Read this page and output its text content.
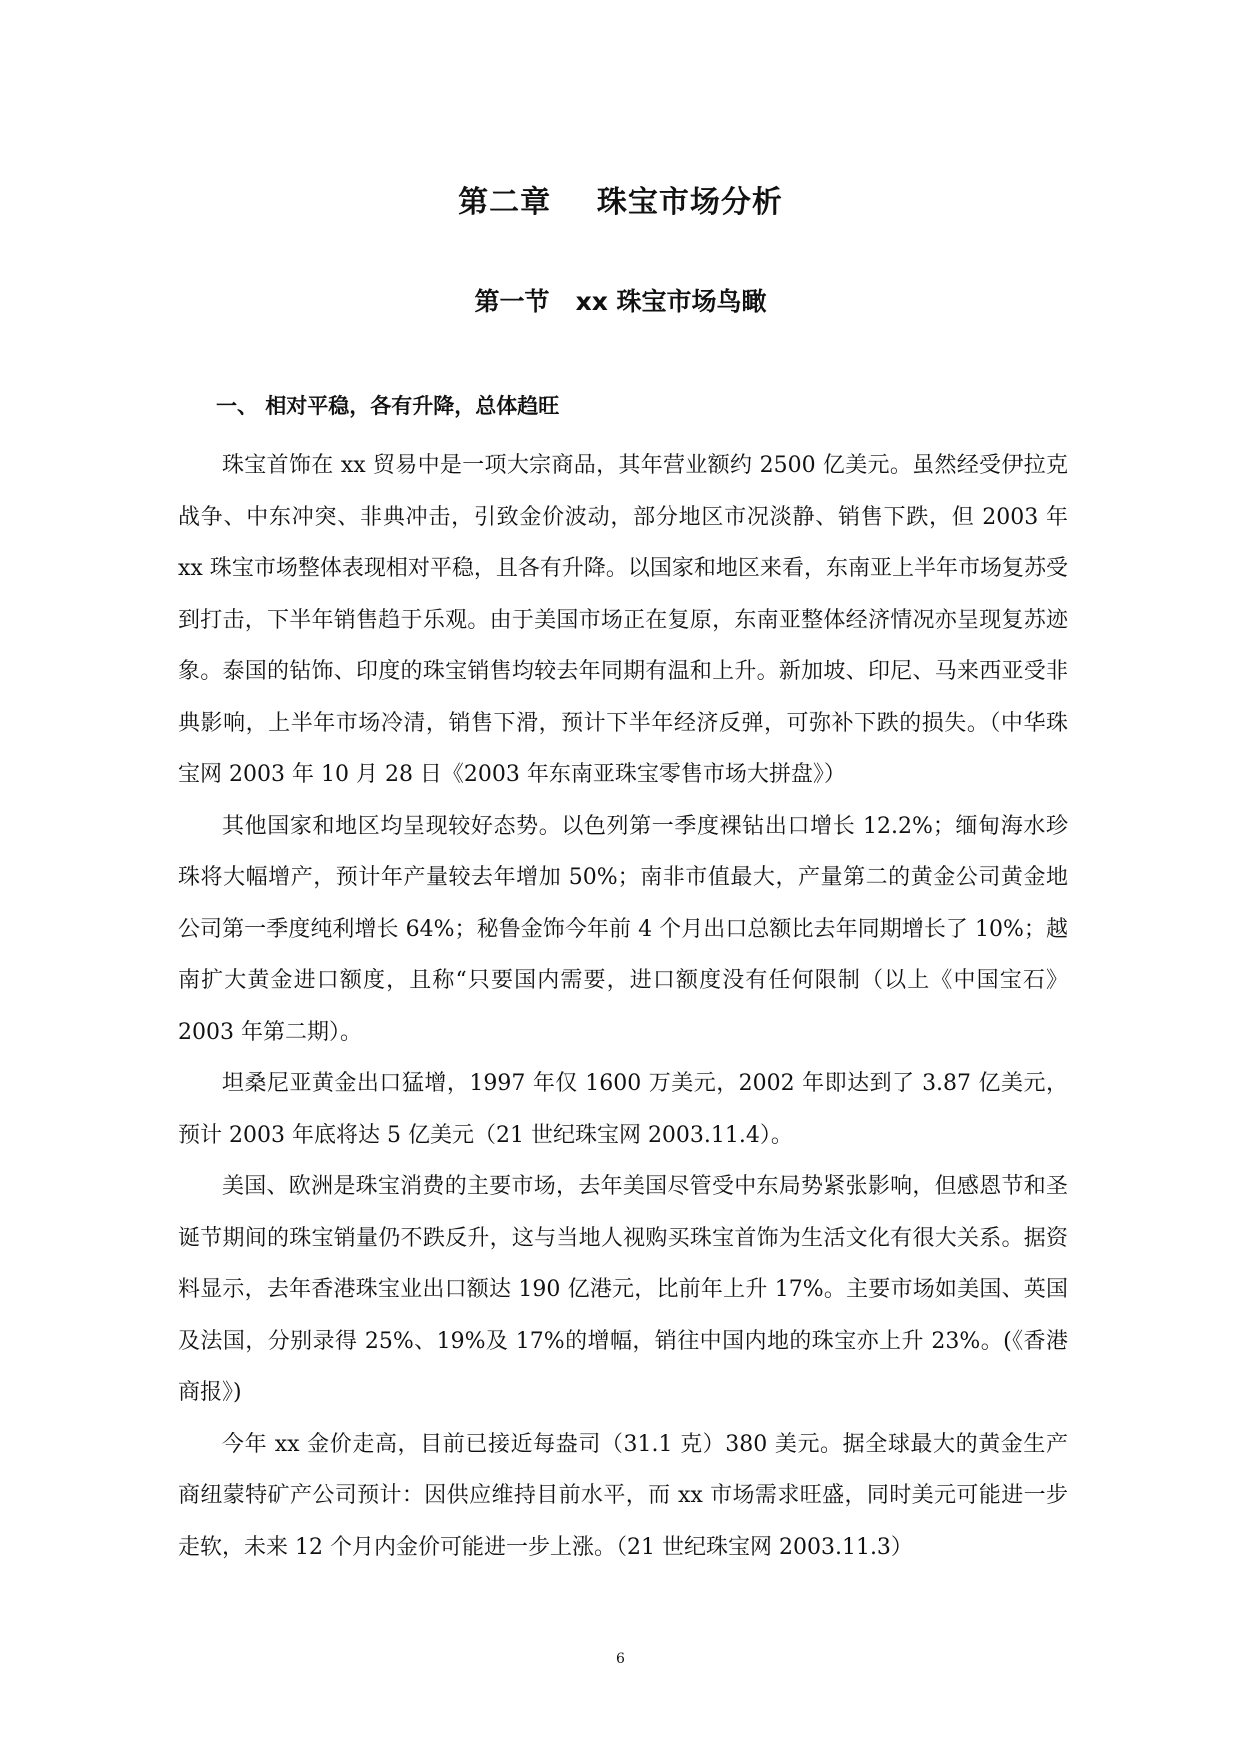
第二章    珠宝市场分析
第一节   xx 珠宝市场鸟瞰
一、 相对平稳，各有升降，总体趋旺

珠宝首饰在 xx 贸易中是一项大宗商品，其年营业额约 2500 亿美元。虽然经受伊拉克战争、中东冲突、非典冲击，引致金价波动，部分地区市况淡静、销售下跌，但 2003 年 xx 珠宝市场整体表现相对平稳，且各有升降。以国家和地区来看，东南亚上半年市场复苏受到打击，下半年销售趋于乐观。由于美国市场正在复原，东南亚整体经济情况亦呈现复苏迹象。泰国的钻饰、印度的珠宝销售均较去年同期有温和上升。新加坡、印尼、马来西亚受非典影响，上半年市场冷清，销售下滑，预计下半年经济反弹，可弥补下跌的损失。（中华珠宝网 2003 年 10 月 28 日《2003 年东南亚珠宝零售市场大拼盘》）

其他国家和地区均呈现较好态势。以色列第一季度裸钻出口增长 12.2%；缅甸海水珍珠将大幅增产，预计年产量较去年增加 50%；南非市值最大，产量第二的黄金公司黄金地公司第一季度纯利增长 64%；秘鲁金饰今年前 4 个月出口总额比去年同期增长了 10%；越南扩大黄金进口额度，且称“只要国内需要，进口额度没有任何限制（以上《中国宝石》2003 年第二期）。

坦桑尼亚黄金出口猛增，1997 年仅 1600 万美元，2002 年即达到了 3.87 亿美元，预计 2003 年底将达 5 亿美元（21 世纪珠宝网 2003.11.4）。

美国、欧洲是珠宝消费的主要市场，去年美国尽管受中东局势紧张影响，但感恩节和圣诞节期间的珠宝销量仍不跌反升，这与当地人视购买珠宝首饰为生活文化有很大关系。据资料显示，去年香港珠宝业出口额达 190 亿港元，比前年上升 17%。主要市场如美国、英国及法国，分别录得 25%、19%及 17%的增幅，销往中国内地的珠宝亦上升 23%。(《香港商报》)

今年 xx 金价走高，目前已接近每盎司（31.1 克）380 美元。据全球最大的黄金生产商纽蒙特矿产公司预计：因供应维持目前水平，而 xx 市场需求旺盛，同时美元可能进一步走软，未来 12 个月内金价可能进一步上涨。（21 世纪珠宝网 2003.11.3）

6
